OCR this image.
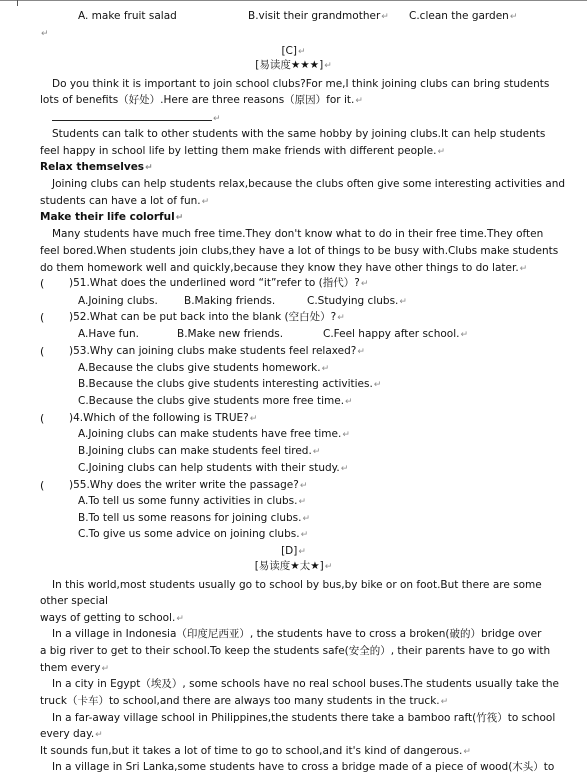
A. make fruit salad	B.visit their grandmother↵ C.clean the garden↵
↵
[C]↵
[易读度★★★]↵
Do you think it is important to join school clubs?For me,I think joining clubs can bring students
lots of benefits（好处）.Here are three reasons（原因）for it.↵
↵
Students can talk to other students with the same hobby by joining clubs.It can help students
feel happy in school life by letting them make friends with different people.↵
Relax themselves↵
Joining clubs can help students relax,because the clubs often give some interesting activities and
students can have a lot of fun.↵
Make their life colorful↵
Many students have much free time.They don't know what to do in their free time.They often
feel bored.When students join clubs,they have a lot of things to be busy with.Clubs make students
do them homework well and quickly,because they know they have other things to do later.↵
( )51.What does the underlined word “it”refer to (指代）?↵
A.Joining clubs. B.Making friends.	C.Studying clubs.↵
( )52.What can be put back into the blank (空白处）?↵
A.Have fun.	B.Make new friends.	C.Feel happy after school.↵
( )53.Why can joining clubs make students feel relaxed?↵
A.Because the clubs give students homework.↵
B.Because the clubs give students interesting activities.↵
C.Because the clubs give students more free time.↵
( )4.Which of the following is TRUE?↵
A.Joining clubs can make students have free time.↵
B.Joining clubs can make students feel tired.↵
C.Joining clubs can help students with their study.↵
( )55.Why does the writer write the passage?↵
A.To tell us some funny activities in clubs.↵
B.To tell us some reasons for joining clubs.↵
C.To give us some advice on joining clubs.↵
[D]↵
[易读度★太★]↵
In this world,most students usually go to school by bus,by bike or on foot.But there are some
other special
ways of getting to school.↵
In a village in Indonesia（印度尼西亚）, the students have to cross a broken(破的）bridge over
a big river to get to their school.To keep the students safe(安全的）, their parents have to go with
them every↵
In a city in Egypt（埃及）, some schools have no real school buses.The students usually take the
truck（卡车）to school,and there are always too many students in the truck.↵
In a far-away village school in Philippines,the students there take a bamboo raft(竹筏）to school
every day.↵
It sounds fun,but it takes a lot of time to go to school,and it's kind of dangerous.↵
In a village in Sri Lanka,some students have to cross a bridge made of a piece of wood(木头）to
